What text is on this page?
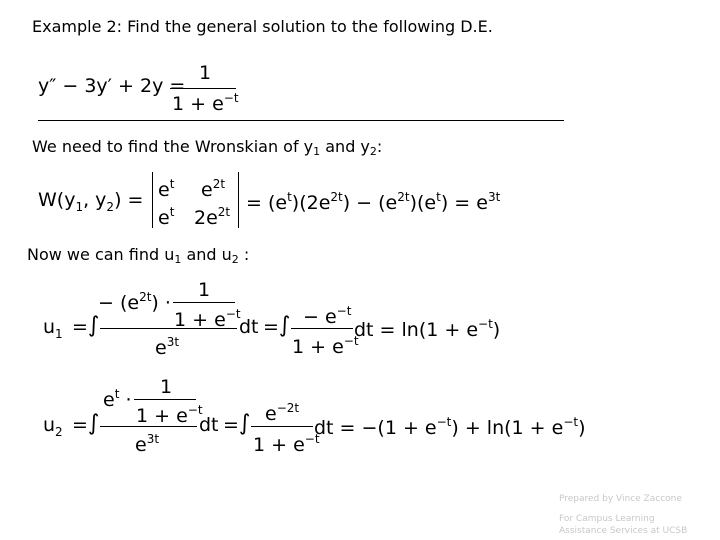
Example 2: Find the general solution to the following D.E.
y″ − 3y′ + 2y =
1
$1 + e^{-t}$
We need to find the Wronskian of y1 and y2:
$W(y_1$, $y_2) = e^t$ $e^{2t}$
$e^t$ $2e^{2t} = (e^t)(2e^{2t}) - (e^{2t})(e^t) = e^{3t}$
Now we can find u1 and u2 :
$u_1$ = ∫
− $(e^{2t})$ ·
1
$1 + e^{-t}$
$e^{3t}$
dt = ∫ − $e^{-t}$
$1 + e^{-t}$
dt = $\ln(1 + e^{-t})$
$u_2$ = ∫
$e^t$ ·
1
$1 + e^{-t}$
$e^{3t}$
dt = ∫ $e^{-2t}$
$1 + e^{-t}$
dt = $-(1 + e^{-t}) + \ln(1 + e^{-t})$
Prepared by Vince Zaccone
For Campus Learning
Assistance Services at UCSB
